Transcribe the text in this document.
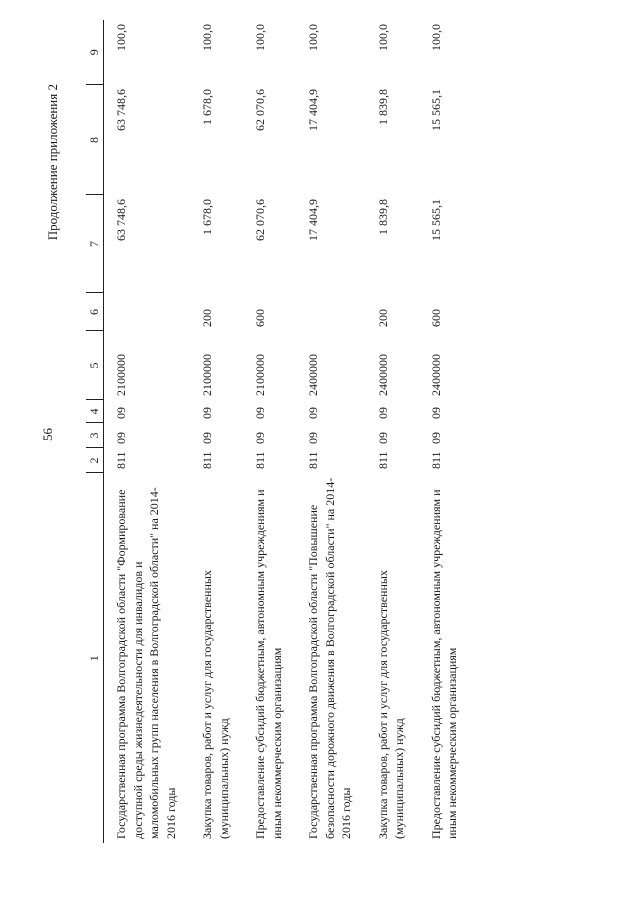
56
Продолжение приложения 2
1	2	3	4	5	6	7	8	9
Государственная программа Волгоградской области "Формирование доступной среды жизнедеятельности для инвалидов и маломобильных групп населения в Волгоградской области" на 2014-2016 годы	811	09	09	2100000		63 748,6	63 748,6	100,0
Закупка товаров, работ и услуг для государственных (муниципальных) нужд	811	09	09	2100000	200	1 678,0	1 678,0	100,0
Предоставление субсидий бюджетным, автономным учреждениям и иным некоммерческим организациям	811	09	09	2100000	600	62 070,6	62 070,6	100,0
Государственная программа Волгоградской области "Повышение безопасности дорожного движения в Волгоградской области" на 2014-2016 годы	811	09	09	2400000		17 404,9	17 404,9	100,0
Закупка товаров, работ и услуг для государственных (муниципальных) нужд	811	09	09	2400000	200	1 839,8	1 839,8	100,0
Предоставление субсидий бюджетным, автономным учреждениям и иным некоммерческим организациям	811	09	09	2400000	600	15 565,1	15 565,1	100,0
